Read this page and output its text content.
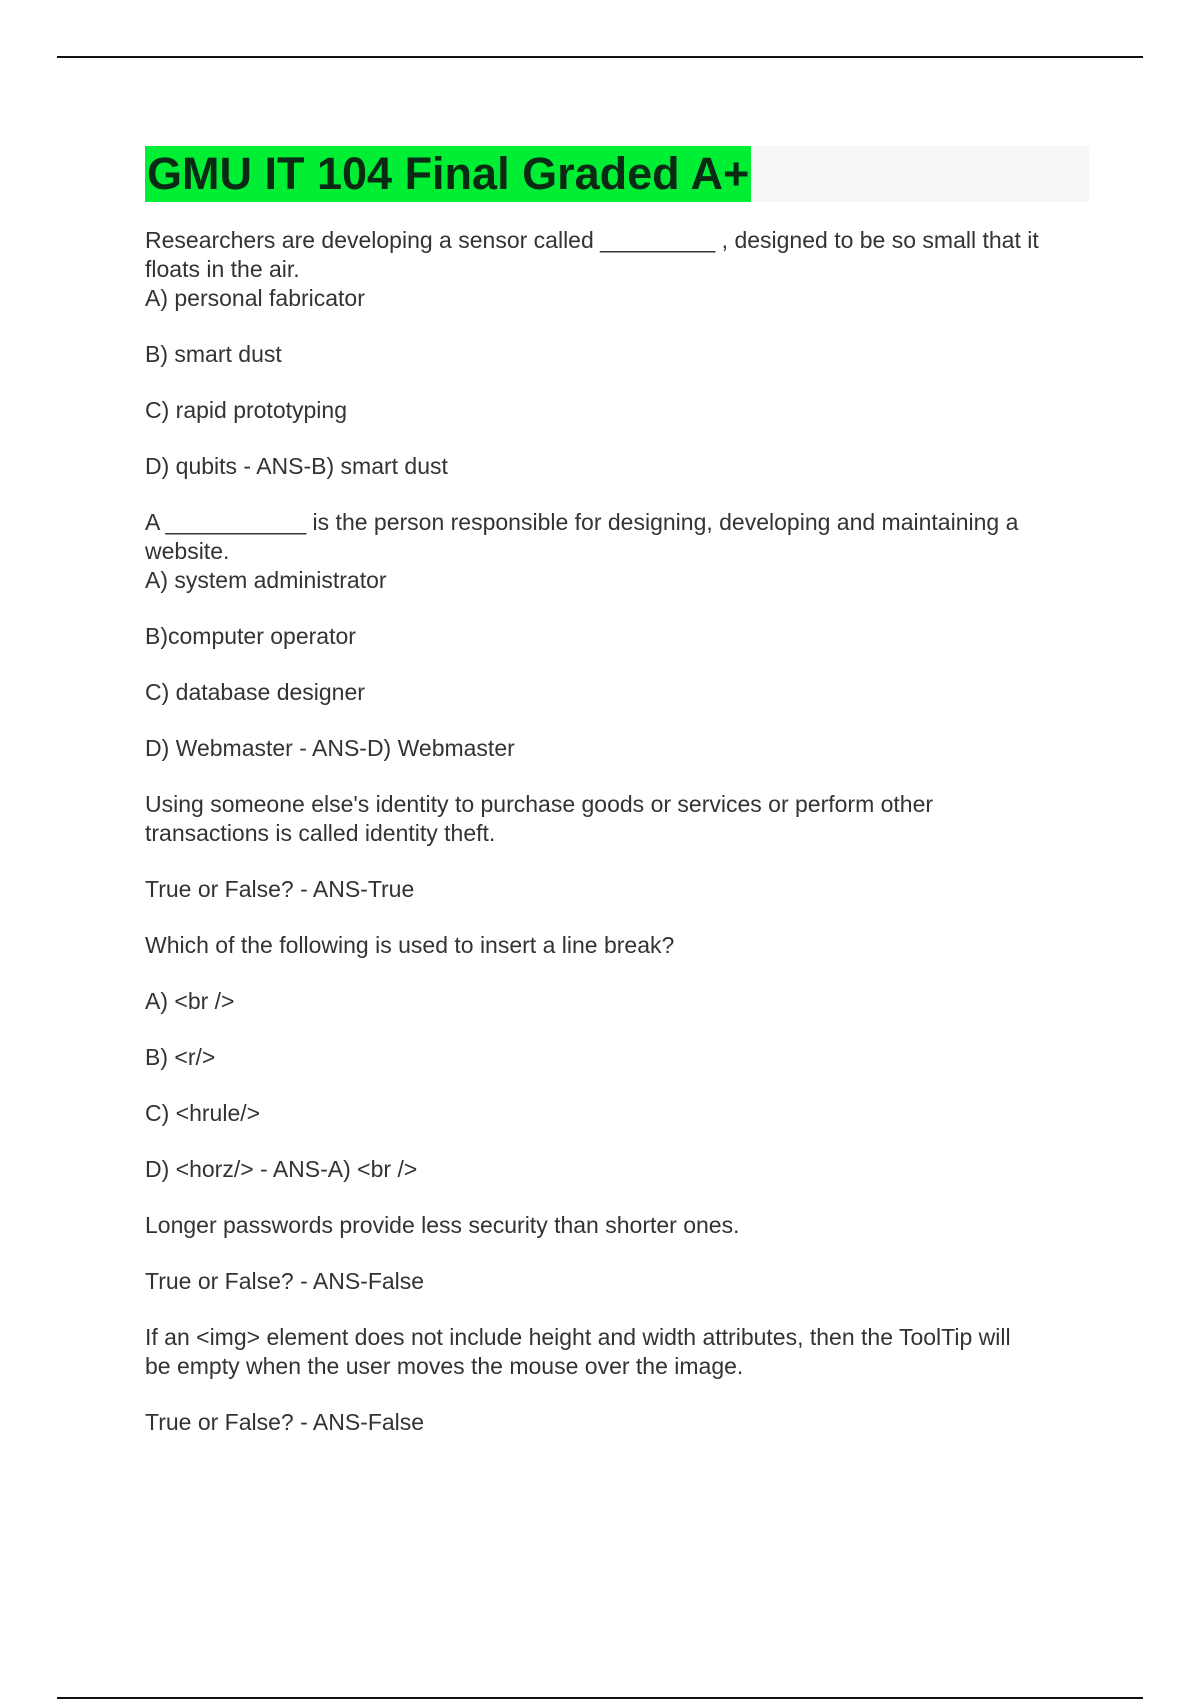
GMU IT 104 Final Graded A+

Researchers are developing a sensor called _________ , designed to be so small that it

floats in the air.

A) personal fabricator

B) smart dust

C) rapid prototyping

D) qubits - ANS-B) smart dust

A ___________ is the person responsible for designing, developing and maintaining a

website.

A) system administrator

B)computer operator

C) database designer

D) Webmaster - ANS-D) Webmaster

Using someone else's identity to purchase goods or services or perform other

transactions is called identity theft.

True or False? - ANS-True

Which of the following is used to insert a line break?

A) <br />

B) <r/>

C) <hrule/>

D) <horz/> - ANS-A) <br />

Longer passwords provide less security than shorter ones.

True or False? - ANS-False

If an <img> element does not include height and width attributes, then the ToolTip will

be empty when the user moves the mouse over the image.

True or False? - ANS-False
